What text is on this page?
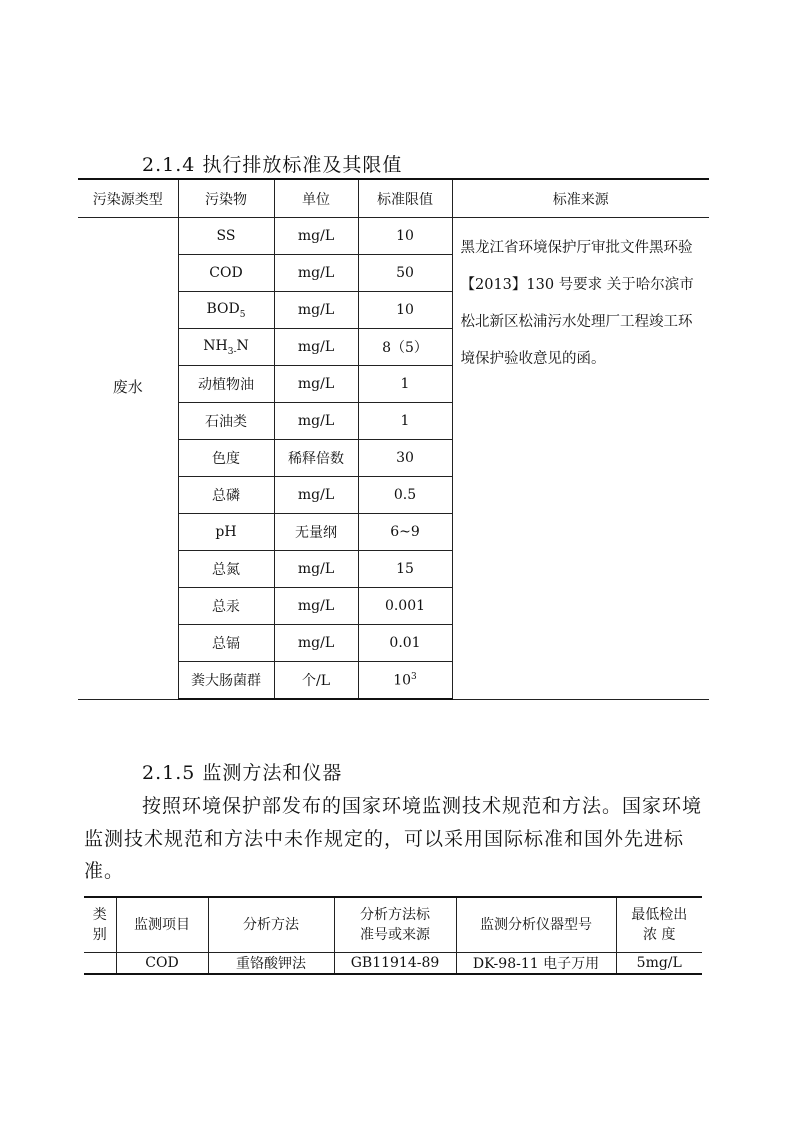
2.1.4 执行排放标准及其限值
污染源类型	污染物	单位	标准限值	标准来源
废水	SS	mg/L	10	黑龙江省环境保护厅审批文件黑环验【2013】130 号要求 关于哈尔滨市松北新区松浦污水处理厂工程竣工环境保护验收意见的函。
	COD	mg/L	50	
	$BOD_5$	mg/L	10	
	$NH_{3-}N$	mg/L	8（5）	
	动植物油	mg/L	1	
	石油类	mg/L	1	
	色度	稀释倍数	30	
	总磷	mg/L	0.5	
	pH	无量纲	6~9	
	总氮	mg/L	15	
	总汞	mg/L	0.001	
	总镉	mg/L	0.01	
	粪大肠菌群	个/L	$10^3$
2.1.5 监测方法和仪器
按照环境保护部发布的国家环境监测技术规范和方法。国家环境监测技术规范和方法中未作规定的，可以采用国际标准和国外先进标准。
类别	监测项目	分析方法	分析方法标准号或来源	监测分析仪器型号	最低检出浓 度
	COD	重铬酸钾法	GB11914-89	DK-98-11 电子万用	5mg/L
